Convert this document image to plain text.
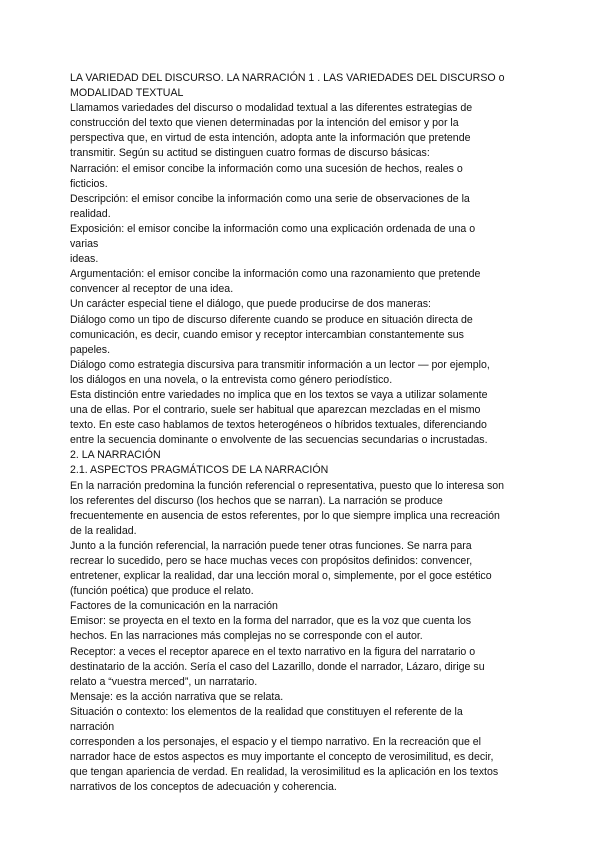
LA VARIEDAD DEL DISCURSO. LA NARRACIÓN 1 . LAS VARIEDADES DEL DISCURSO o
MODALIDAD TEXTUAL
Llamamos variedades del discurso o modalidad textual a las diferentes estrategias de
construcción del texto que vienen determinadas por la intención del emisor y por la
perspectiva que, en virtud de esta intención, adopta ante la información que pretende
transmitir. Según su actitud se distinguen cuatro formas de discurso básicas:
Narración: el emisor concibe la información como una sucesión de hechos, reales o
ficticios.
Descripción: el emisor concibe la información como una serie de observaciones de la
realidad.
Exposición: el emisor concibe la información como una explicación ordenada de una o
varias
ideas.
Argumentación: el emisor concibe la información como una razonamiento que pretende
convencer al receptor de una idea.
Un carácter especial tiene el diálogo, que puede producirse de dos maneras:
Diálogo como un tipo de discurso diferente cuando se produce en situación directa de
comunicación, es decir, cuando emisor y receptor intercambian constantemente sus
papeles.
Diálogo como estrategia discursiva para transmitir información a un lector — por ejemplo,
los diálogos en una novela, o la entrevista como género periodístico.
Esta distinción entre variedades no implica que en los textos se vaya a utilizar solamente
una de ellas. Por el contrario, suele ser habitual que aparezcan mezcladas en el mismo
texto. En este caso hablamos de textos heterogéneos o híbridos textuales, diferenciando
entre la secuencia dominante o envolvente de las secuencias secundarias o incrustadas.
2. LA NARRACIÓN
2.1. ASPECTOS PRAGMÁTICOS DE LA NARRACIÓN
En la narración predomina la función referencial o representativa, puesto que lo interesa son
los referentes del discurso (los hechos que se narran). La narración se produce
frecuentemente en ausencia de estos referentes, por lo que siempre implica una recreación
de la realidad.
Junto a la función referencial, la narración puede tener otras funciones. Se narra para
recrear lo sucedido, pero se hace muchas veces con propósitos definidos: convencer,
entretener, explicar la realidad, dar una lección moral o, simplemente, por el goce estético
(función poética) que produce el relato.
Factores de la comunicación en la narración
Emisor: se proyecta en el texto en la forma del narrador, que es la voz que cuenta los
hechos. En las narraciones más complejas no se corresponde con el autor.
Receptor: a veces el receptor aparece en el texto narrativo en la figura del narratario o
destinatario de la acción. Sería el caso del Lazarillo, donde el narrador, Lázaro, dirige su
relato a “vuestra merced”, un narratario.
Mensaje: es la acción narrativa que se relata.
Situación o contexto: los elementos de la realidad que constituyen el referente de la
narración
corresponden a los personajes, el espacio y el tiempo narrativo. En la recreación que el
narrador hace de estos aspectos es muy importante el concepto de verosimilitud, es decir,
que tengan apariencia de verdad. En realidad, la verosimilitud es la aplicación en los textos
narrativos de los conceptos de adecuación y coherencia.
